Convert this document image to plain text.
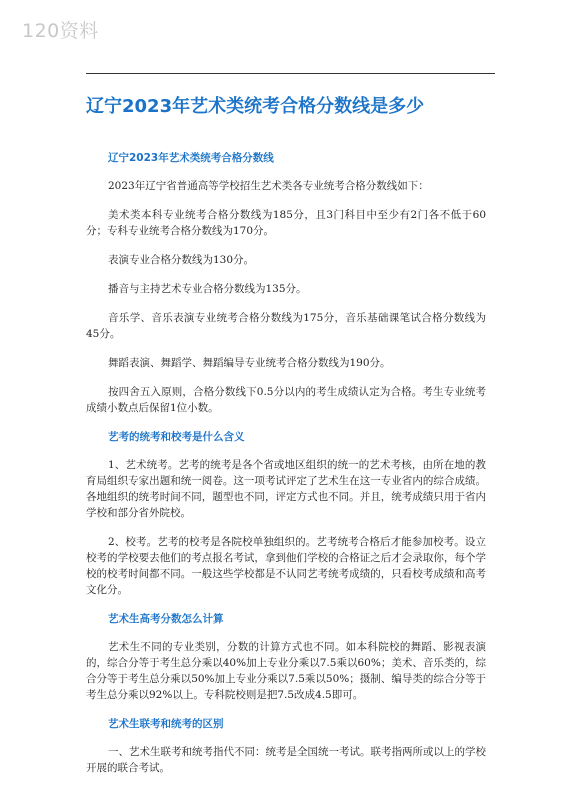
120资料
辽宁2023年艺术类统考合格分数线是多少
辽宁2023年艺术类统考合格分数线

2023年辽宁省普通高等学校招生艺术类各专业统考合格分数线如下：

美术类本科专业统考合格分数线为185分，且3门科目中至少有2门各不低于60分；专科专业统考合格分数线为170分。

表演专业合格分数线为130分。

播音与主持艺术专业合格分数线为135分。

音乐学、音乐表演专业统考合格分数线为175分，音乐基础课笔试合格分数线为45分。

舞蹈表演、舞蹈学、舞蹈编导专业统考合格分数线为190分。

按四舍五入原则，合格分数线下0.5分以内的考生成绩认定为合格。考生专业统考成绩小数点后保留1位小数。

艺考的统考和校考是什么含义

1、艺术统考。艺考的统考是各个省或地区组织的统一的艺术考核，由所在地的教育局组织专家出题和统一阅卷。这一项考试评定了艺术生在这一专业省内的综合成绩。各地组织的统考时间不同，题型也不同，评定方式也不同。并且，统考成绩只用于省内学校和部分省外院校。

2、校考。艺考的校考是各院校单独组织的。艺考统考合格后才能参加校考。设立校考的学校要去他们的考点报名考试，拿到他们学校的合格证之后才会录取你，每个学校的校考时间都不同。一般这些学校都是不认同艺考统考成绩的，只看校考成绩和高考文化分。

艺术生高考分数怎么计算

艺术生不同的专业类别，分数的计算方式也不同。如本科院校的舞蹈、影视表演的，综合分等于考生总分乘以40%加上专业分乘以7.5乘以60%；美术、音乐类的，综合分等于考生总分乘以50%加上专业分乘以7.5乘以50%；摄制、编导类的综合分等于考生总分乘以92%以上。专科院校则是把7.5改成4.5即可。

艺术生联考和统考的区别

一、艺术生联考和统考指代不同：统考是全国统一考试。联考指两所或以上的学校开展的联合考试。
